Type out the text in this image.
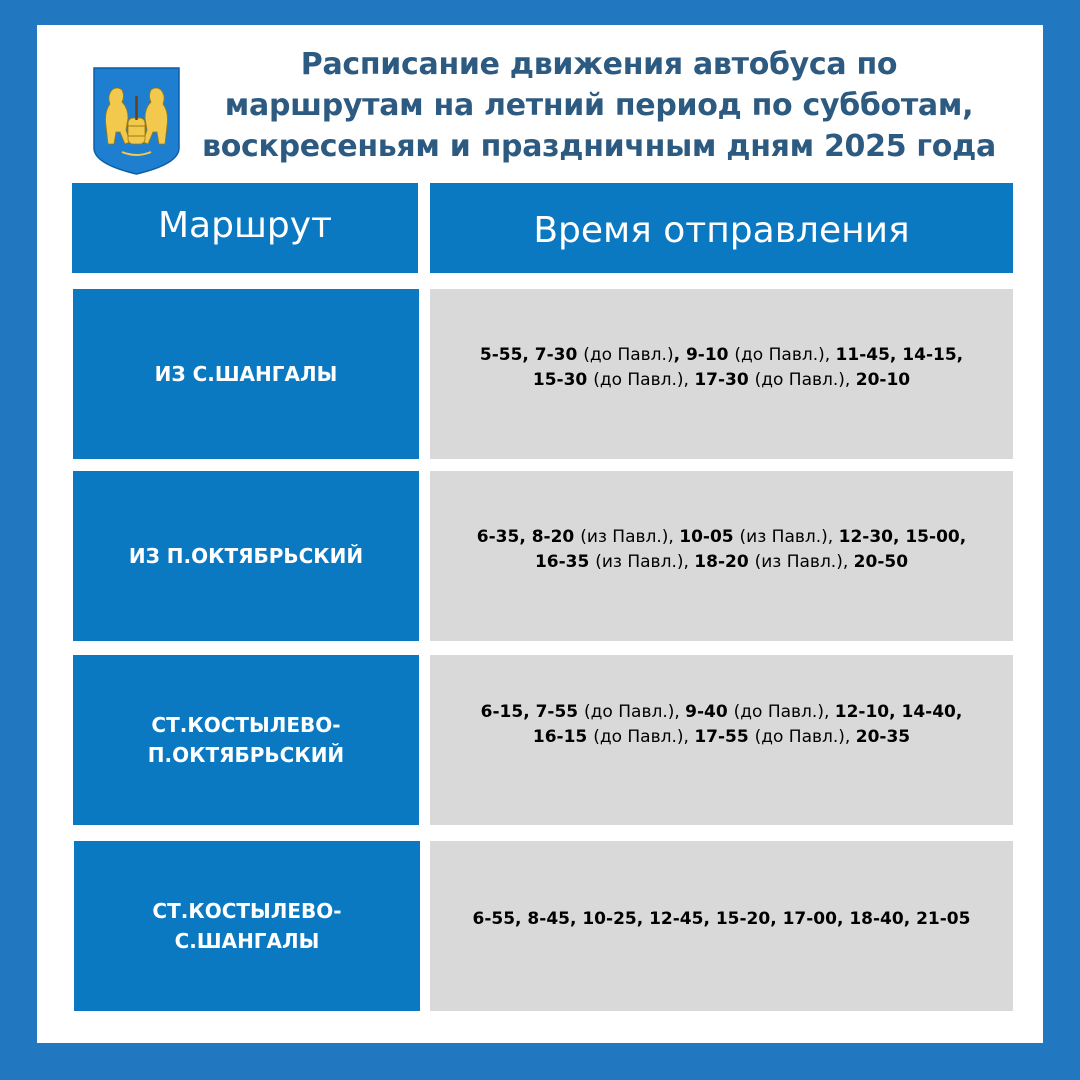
Расписание движения автобуса по
маршрутам на летний период по субботам,
воскресеньям и праздничным дням 2025 года
Маршрут	Время отправления
ИЗ С.ШАНГАЛЫ
5-55, 7-30 (до Павл.), 9-10 (до Павл.), 11-45, 14-15,
15-30 (до Павл.), 17-30 (до Павл.), 20-10
ИЗ П.ОКТЯБРЬСКИЙ
6-35, 8-20 (из Павл.), 10-05 (из Павл.), 12-30, 15-00,
16-35 (из Павл.), 18-20 (из Павл.), 20-50
СТ.КОСТЫЛЕВО-
П.ОКТЯБРЬСКИЙ
6-15, 7-55 (до Павл.), 9-40 (до Павл.), 12-10, 14-40,
16-15 (до Павл.), 17-55 (до Павл.), 20-35
СТ.КОСТЫЛЕВО-
С.ШАНГАЛЫ
6-55, 8-45, 10-25, 12-45, 15-20, 17-00, 18-40, 21-05
